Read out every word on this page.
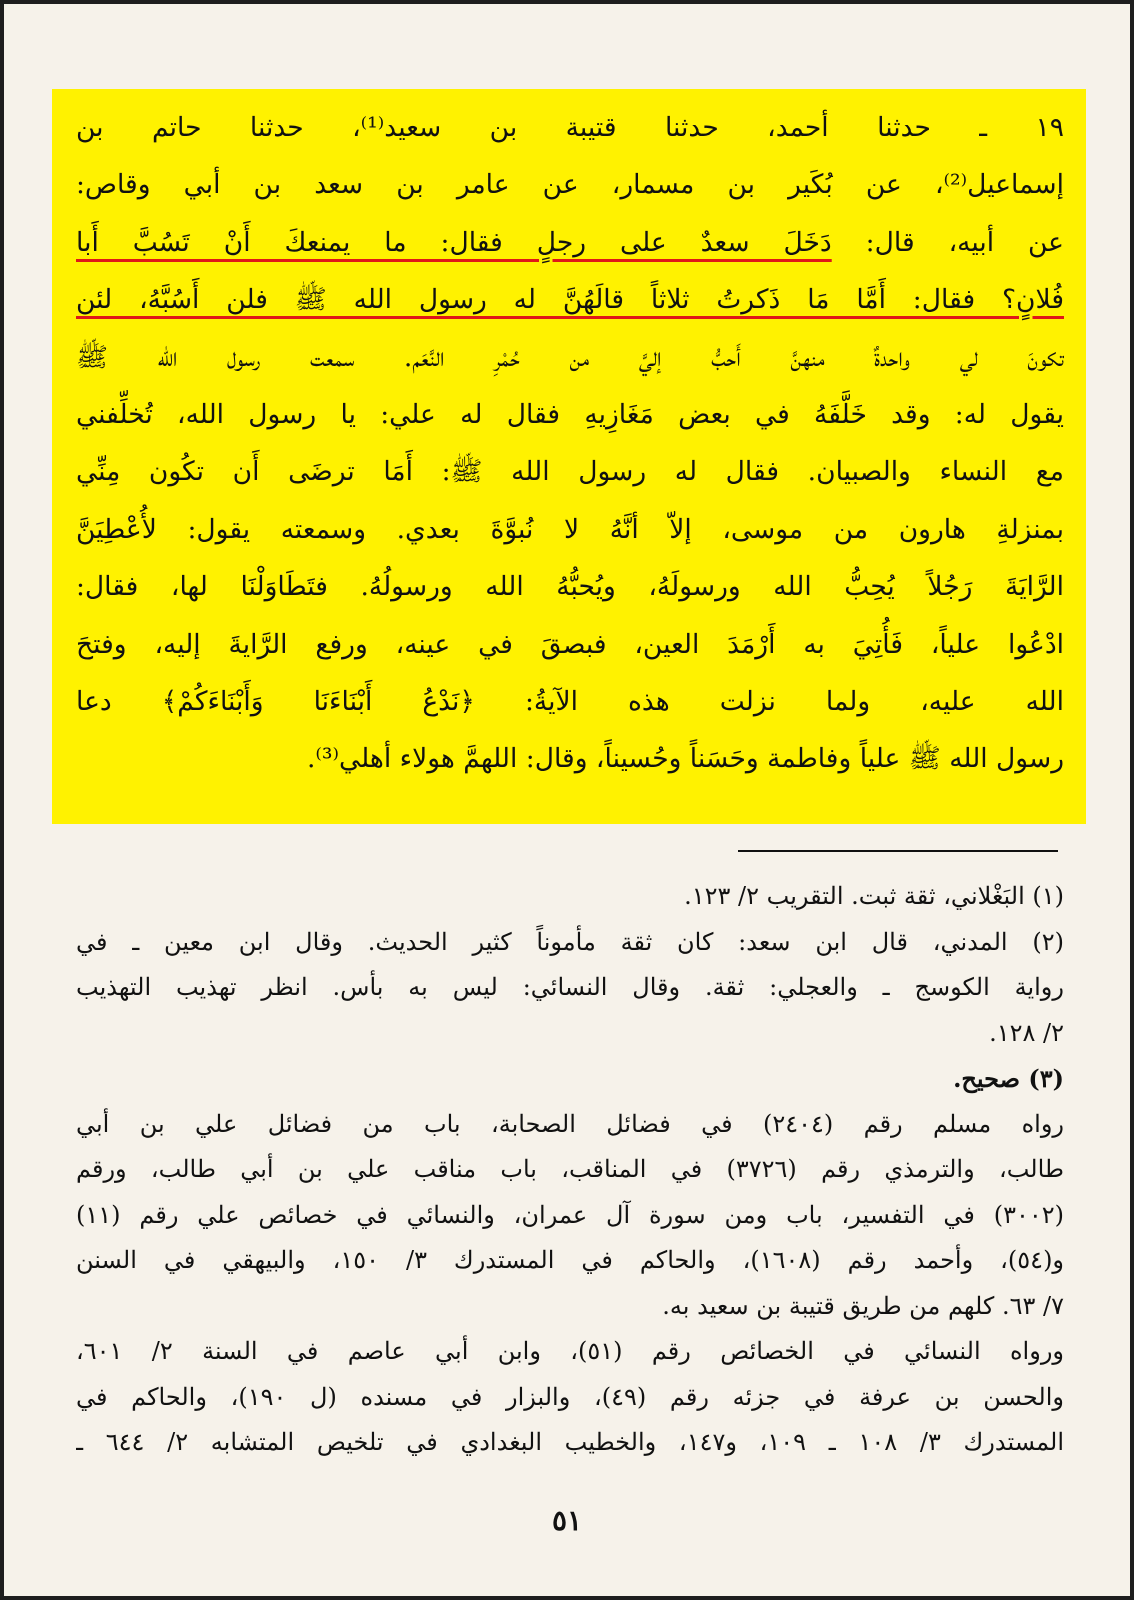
١٩ ـ حدثنا أحمد، حدثنا قتيبة بن سعيد⁽¹⁾، حدثنا حاتم بن
إسماعيل⁽²⁾، عن بُكَير بن مسمار، عن عامر بن سعد بن أبي وقاص:
عن أبيه، قال: دَخَلَ سعدٌ على رجلٍ فقال: ما يمنعكَ أَنْ تَسُبَّ أَبا
فُلانٍ؟ فقال: أَمَّا مَا ذَكرتُ ثلاثاً قالَهُنَّ له رسول الله ﷺ فلن أَسُبَّهُ، لئن
تكونَ لي واحدةٌ منهنَّ أَحبُّ إليَّ من حُمْرِ النَّعَم. سمعت رسول الله ﷺ
يقول له: وقد خَلَّفَهُ في بعض مَغَازِيهِ فقال له علي: يا رسول الله، تُخلِّفني
مع النساء والصبيان. فقال له رسول الله ﷺ: أَمَا ترضَى أَن تكُون مِنِّي
بمنزلةِ هارون من موسى، إلاّ أنَّهُ لا نُبوَّةَ بعدي. وسمعته يقول: لأُعْطِيَنَّ
الرَّايَةَ رَجُلاً يُحِبُّ الله ورسولَهُ، ويُحبُّهُ الله ورسولُهُ. فتَطَاوَلْنَا لها، فقال:
ادْعُوا علياً، فَأُتِيَ به أَرْمَدَ العين، فبصقَ في عينه، ورفع الرَّايةَ إليه، وفتحَ
الله عليه، ولما نزلت هذه الآيةُ: ﴿نَدْعُ أَبْنَاءَنَا وَأَبْنَاءَكُمْ﴾ دعا
رسول الله ﷺ علياً وفاطمة وحَسَناً وحُسيناً، وقال: اللهمَّ هولاء أهلي⁽³⁾.
(١) البَغْلاني، ثقة ثبت. التقريب ٢/ ١٢٣.
(٢) المدني، قال ابن سعد: كان ثقة مأموناً كثير الحديث. وقال ابن معين ـ في
رواية الكوسج ـ والعجلي: ثقة. وقال النسائي: ليس به بأس. انظر تهذيب التهذيب
٢/ ١٢٨.
(٣) صحيح.
رواه مسلم رقم (٢٤٠٤) في فضائل الصحابة، باب من فضائل علي بن أبي
طالب، والترمذي رقم (٣٧٢٦) في المناقب، باب مناقب علي بن أبي طالب، ورقم
(٣٠٠٢) في التفسير، باب ومن سورة آل عمران، والنسائي في خصائص علي رقم (١١)
و(٥٤)، وأحمد رقم (١٦٠٨)، والحاكم في المستدرك ٣/ ١٥٠، والبيهقي في السنن
٧/ ٦٣. كلهم من طريق قتيبة بن سعيد به.
ورواه النسائي في الخصائص رقم (٥١)، وابن أبي عاصم في السنة ٢/ ٦٠١،
والحسن بن عرفة في جزئه رقم (٤٩)، والبزار في مسنده (ل ١٩٠)، والحاكم في
المستدرك ٣/ ١٠٨ ـ ١٠٩، و١٤٧، والخطيب البغدادي في تلخيص المتشابه ٢/ ٦٤٤ ـ
٥١
